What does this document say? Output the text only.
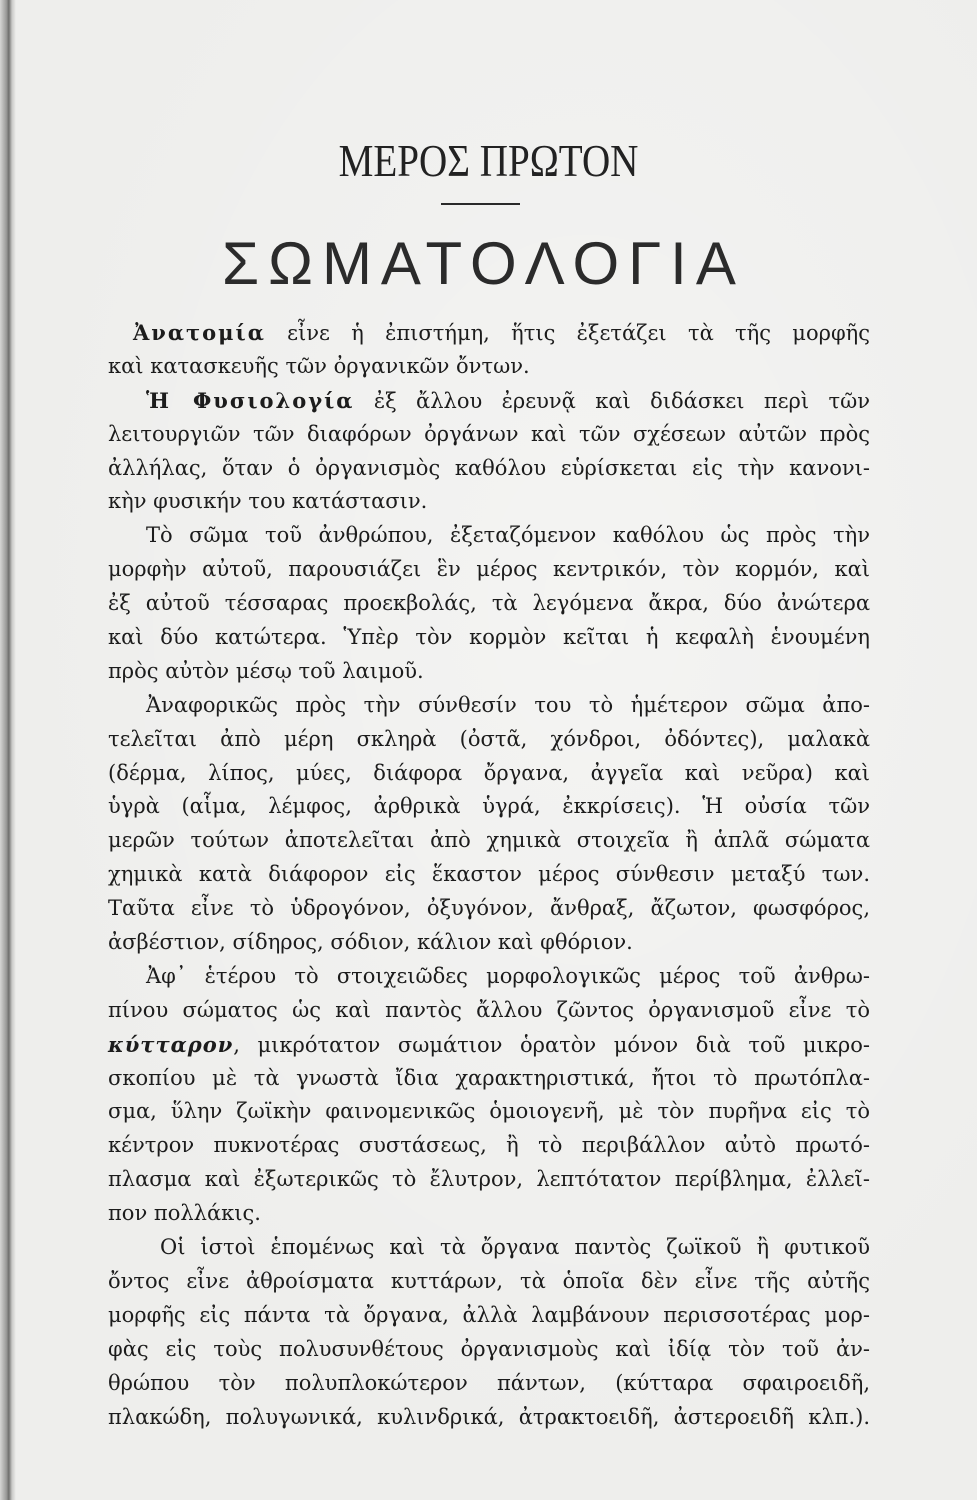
ΜΕΡΟΣ ΠΡΩΤΟΝ
ΣΩΜΑΤΟΛΟΓΙΑ
Ἀνατομία εἶνε ἡ ἐπιστήμη, ἥτις ἐξετάζει τὰ τῆς μορφῆς
καὶ κατασκευῆς τῶν ὀργανικῶν ὄντων.
Ἡ Φυσιολογία ἐξ ἄλλου ἐρευνᾷ καὶ διδάσκει περὶ τῶν
λειτουργιῶν τῶν διαφόρων ὀργάνων καὶ τῶν σχέσεων αὐτῶν πρὸς
ἀλλήλας, ὅταν ὁ ὀργανισμὸς καθόλου εὑρίσκεται εἰς τὴν κανονι-
κὴν φυσικήν του κατάστασιν.
Τὸ σῶμα τοῦ ἀνθρώπου, ἐξεταζόμενον καθόλου ὡς πρὸς τὴν
μορφὴν αὐτοῦ, παρουσιάζει ἓν μέρος κεντρικόν, τὸν κορμόν, καὶ
ἐξ αὐτοῦ τέσσαρας προεκβολάς, τὰ λεγόμενα ἄκρα, δύο ἀνώτερα
καὶ δύο κατώτερα. Ὑπὲρ τὸν κορμὸν κεῖται ἡ κεφαλὴ ἑνουμένη
πρὸς αὐτὸν μέσῳ τοῦ λαιμοῦ.
Ἀναφορικῶς πρὸς τὴν σύνθεσίν του τὸ ἡμέτερον σῶμα ἀπο-
τελεῖται ἀπὸ μέρη σκληρὰ (ὀστᾶ, χόνδροι, ὀδόντες), μαλακὰ
(δέρμα, λίπος, μύες, διάφορα ὄργανα, ἀγγεῖα καὶ νεῦρα) καὶ
ὑγρὰ (αἷμα, λέμφος, ἀρθρικὰ ὑγρά, ἐκκρίσεις). Ἡ οὐσία τῶν
μερῶν τούτων ἀποτελεῖται ἀπὸ χημικὰ στοιχεῖα ἢ ἁπλᾶ σώματα
χημικὰ κατὰ διάφορον εἰς ἕκαστον μέρος σύνθεσιν μεταξύ των.
Ταῦτα εἶνε τὸ ὑδρογόνον, ὀξυγόνον, ἄνθραξ, ἄζωτον, φωσφόρος,
ἀσβέστιον, σίδηρος, σόδιον, κάλιον καὶ φθόριον.
Ἀφ᾽ ἑτέρου τὸ στοιχειῶδες μορφολογικῶς μέρος τοῦ ἀνθρω-
πίνου σώματος ὡς καὶ παντὸς ἄλλου ζῶντος ὀργανισμοῦ εἶνε τὸ
κύτταρον, μικρότατον σωμάτιον ὁρατὸν μόνον διὰ τοῦ μικρο-
σκοπίου μὲ τὰ γνωστὰ ἴδια χαρακτηριστικά, ἤτοι τὸ πρωτόπλα-
σμα, ὕλην ζωϊκὴν φαινομενικῶς ὁμοιογενῆ, μὲ τὸν πυρῆνα εἰς τὸ
κέντρον πυκνοτέρας συστάσεως, ἢ τὸ περιβάλλον αὐτὸ πρωτό-
πλασμα καὶ ἐξωτερικῶς τὸ ἔλυτρον, λεπτότατον περίβλημα, ἐλλεῖ-
πον πολλάκις.
Οἱ ἱστοὶ ἑπομένως καὶ τὰ ὄργανα παντὸς ζωϊκοῦ ἢ φυτικοῦ
ὄντος εἶνε ἀθροίσματα κυττάρων, τὰ ὁποῖα δὲν εἶνε τῆς αὐτῆς
μορφῆς εἰς πάντα τὰ ὄργανα, ἀλλὰ λαμβάνουν περισσοτέρας μορ-
φὰς εἰς τοὺς πολυσυνθέτους ὀργανισμοὺς καὶ ἰδίᾳ τὸν τοῦ ἀν-
θρώπου τὸν πολυπλοκώτερον πάντων, (κύτταρα σφαιροειδῆ,
πλακώδη, πολυγωνικά, κυλινδρικά, ἀτρακτοειδῆ, ἀστεροειδῆ κλπ.).
